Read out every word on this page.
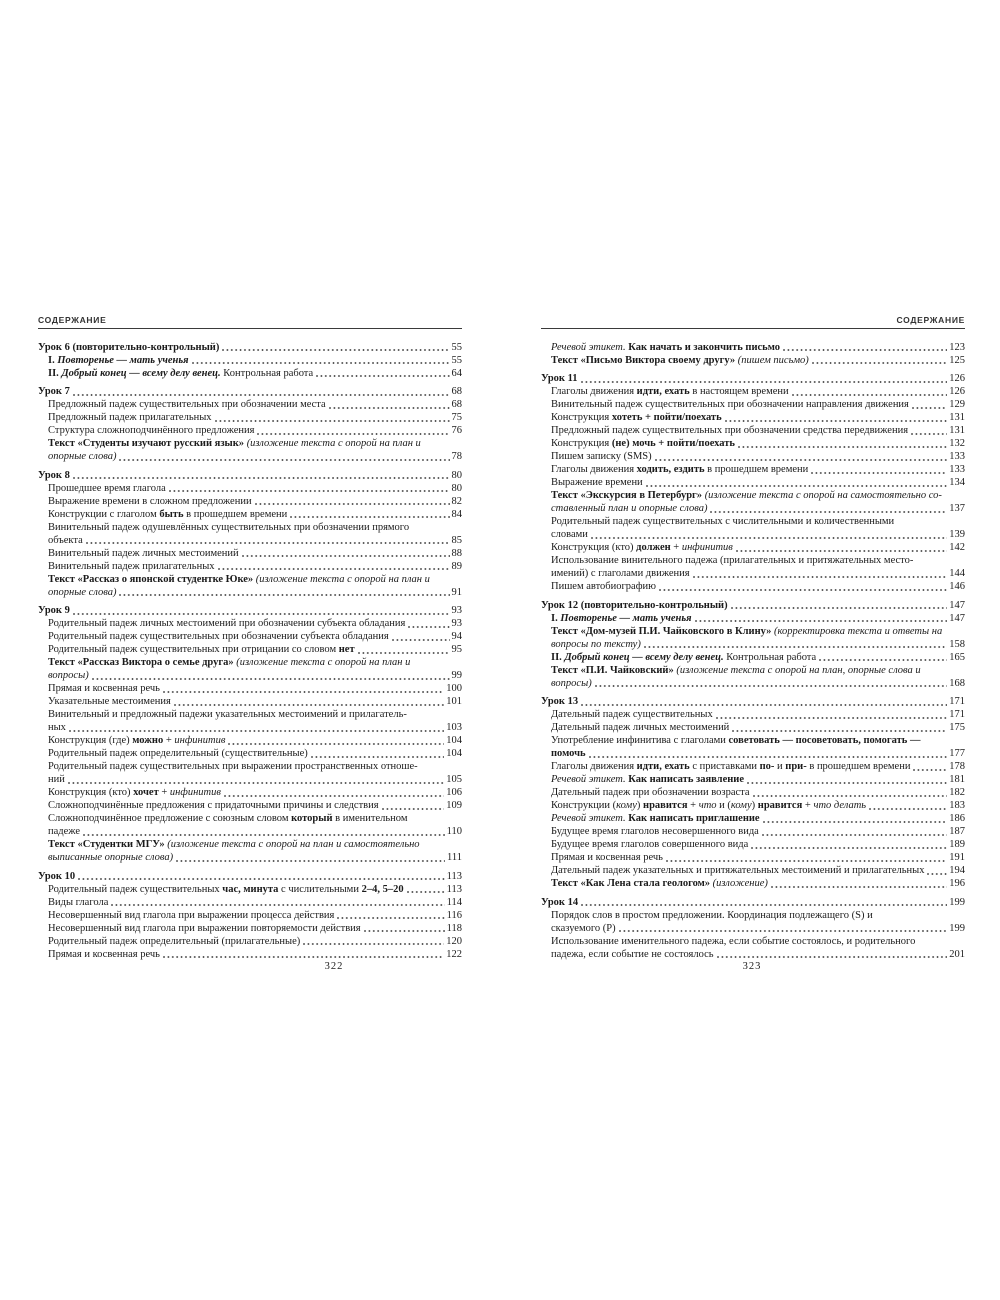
СОДЕРЖАНИЕ
Урок 6 (повторительно-контрольный)	55
I. Повторенье — мать ученья	55
II. Добрый конец — всему делу венец. Контрольная работа	64
Урок 7	68
Предложный падеж существительных при обозначении места	68
Предложный падеж прилагательных	75
Структура сложноподчинённого предложения	76
Текст «Студенты изучают русский язык» (изложение текста с опорой на план и
опорные слова)	78
Урок 8	80
Прошедшее время глагола	80
Выражение времени в сложном предложении	82
Конструкции с глаголом быть в прошедшем времени	84
Винительный падеж одушевлённых существительных при обозначении прямого
объекта	85
Винительный падеж личных местоимений	88
Винительный падеж прилагательных	89
Текст «Рассказ о японской студентке Юке» (изложение текста с опорой на план и
опорные слова)	91
Урок 9	93
Родительный падеж личных местоимений при обозначении субъекта обладания	93
Родительный падеж существительных при обозначении субъекта обладания	94
Родительный падеж существительных при отрицании со словом нет	95
Текст «Рассказ Виктора о семье друга» (изложение текста с опорой на план и
вопросы)	99
Прямая и косвенная речь	100
Указательные местоимения	101
Винительный и предложный падежи указательных местоимений и прилагатель-
ных	103
Конструкция (где) можно + инфинитив	104
Родительный падеж определительный (существительные)	104
Родительный падеж существительных при выражении пространственных отноше-
ний	105
Конструкция (кто) хочет + инфинитив	106
Сложноподчинённые предложения с придаточными причины и следствия	109
Сложноподчинённое предложение с союзным словом который в именительном
падеже	110
Текст «Студентки МГУ» (изложение текста с опорой на план и самостоятельно
выписанные опорные слова)	111
Урок 10	113
Родительный падеж существительных час, минута с числительными 2–4, 5–20	113
Виды глагола	114
Несовершенный вид глагола при выражении процесса действия	116
Несовершенный вид глагола при выражении повторяемости действия	118
Родительный падеж определительный (прилагательные)	120
Прямая и косвенная речь	122
СОДЕРЖАНИЕ
Речевой этикет. Как начать и закончить письмо	123
Текст «Письмо Виктора своему другу» (пишем письмо)	125
Урок 11	126
Глаголы движения идти, ехать в настоящем времени	126
Винительный падеж существительных при обозначении направления движения	129
Конструкция хотеть + пойти/поехать	131
Предложный падеж существительных при обозначении средства передвижения	131
Конструкция (не) мочь + пойти/поехать	132
Пишем записку (SMS)	133
Глаголы движения ходить, ездить в прошедшем времени	133
Выражение времени	134
Текст «Экскурсия в Петербург» (изложение текста с опорой на самостоятельно со-
ставленный план и опорные слова)	137
Родительный падеж существительных с числительными и количественными
словами	139
Конструкция (кто) должен + инфинитив	142
Использование винительного падежа (прилагательных и притяжательных место-
имений) с глаголами движения	144
Пишем автобиографию	146
Урок 12 (повторительно-контрольный)	147
I. Повторенье — мать ученья	147
Текст «Дом-музей П.И. Чайковского в Клину» (корректировка текста и ответы на
вопросы по тексту)	158
II. Добрый конец — всему делу венец. Контрольная работа	165
Текст «П.И. Чайковский» (изложение текста с опорой на план, опорные слова и
вопросы)	168
Урок 13	171
Дательный падеж существительных	171
Дательный падеж личных местоимений	175
Употребление инфинитива с глаголами советовать — посоветовать, помогать —
помочь	177
Глаголы движения идти, ехать с приставками по- и при- в прошедшем времени	178
Речевой этикет. Как написать заявление	181
Дательный падеж при обозначении возраста	182
Конструкции (кому) нравится + что и (кому) нравится + что делать	183
Речевой этикет. Как написать приглашение	186
Будущее время глаголов несовершенного вида	187
Будущее время глаголов совершенного вида	189
Прямая и косвенная речь	191
Дательный падеж указательных и притяжательных местоимений и прилагательных 194
Текст «Как Лена стала геологом» (изложение)	196
Урок 14	199
Порядок слов в простом предложении. Координация подлежащего (S) и
сказуемого (P)	199
Использование именительного падежа, если событие состоялось, и родительного
падежа, если событие не состоялось	201
322	323
